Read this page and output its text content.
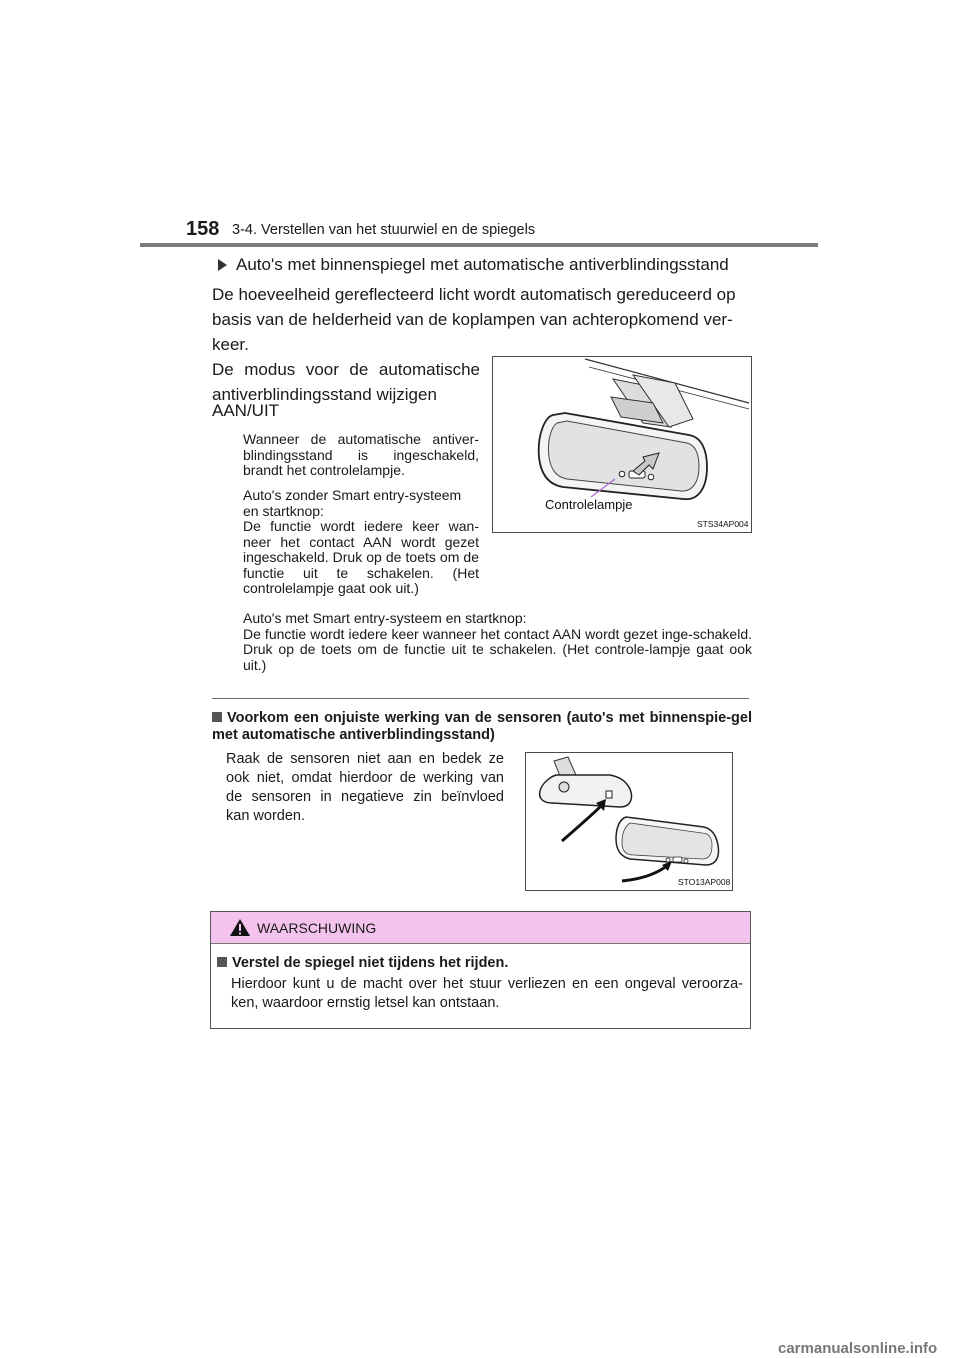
158 3-4. Verstellen van het stuurwiel en de spiegels
Auto's met binnenspiegel met automatische antiverblindingsstand
De hoeveelheid gereflecteerd licht wordt automatisch gereduceerd op basis van de helderheid van de koplampen van achteropkomend ver-keer.
De modus voor de automatische antiverblindingsstand wijzigen
AAN/UIT
Wanneer de automatische antiver-blindingsstand is ingeschakeld, brandt het controlelampje.
Auto's zonder Smart entry-systeem
en startknop:
De functie wordt iedere keer wan-neer het contact AAN wordt gezet ingeschakeld. Druk op de toets om de functie uit te schakelen. (Het controlelampje gaat ook uit.)
Auto's met Smart entry-systeem en startknop:
De functie wordt iedere keer wanneer het contact AAN wordt gezet inge-schakeld. Druk op de toets om de functie uit te schakelen. (Het controle-lampje gaat ook uit.)
Controlelampje
STS34AP004
Voorkom een onjuiste werking van de sensoren (auto's met binnenspie-gel met automatische antiverblindingsstand)
Raak de sensoren niet aan en bedek ze ook niet, omdat hierdoor de werking van de sensoren in negatieve zin beïnvloed kan worden.
STO13AP008
WAARSCHUWING
Verstel de spiegel niet tijdens het rijden.
Hierdoor kunt u de macht over het stuur verliezen en een ongeval veroorza-ken, waardoor ernstig letsel kan ontstaan.
carmanualsonline.info
